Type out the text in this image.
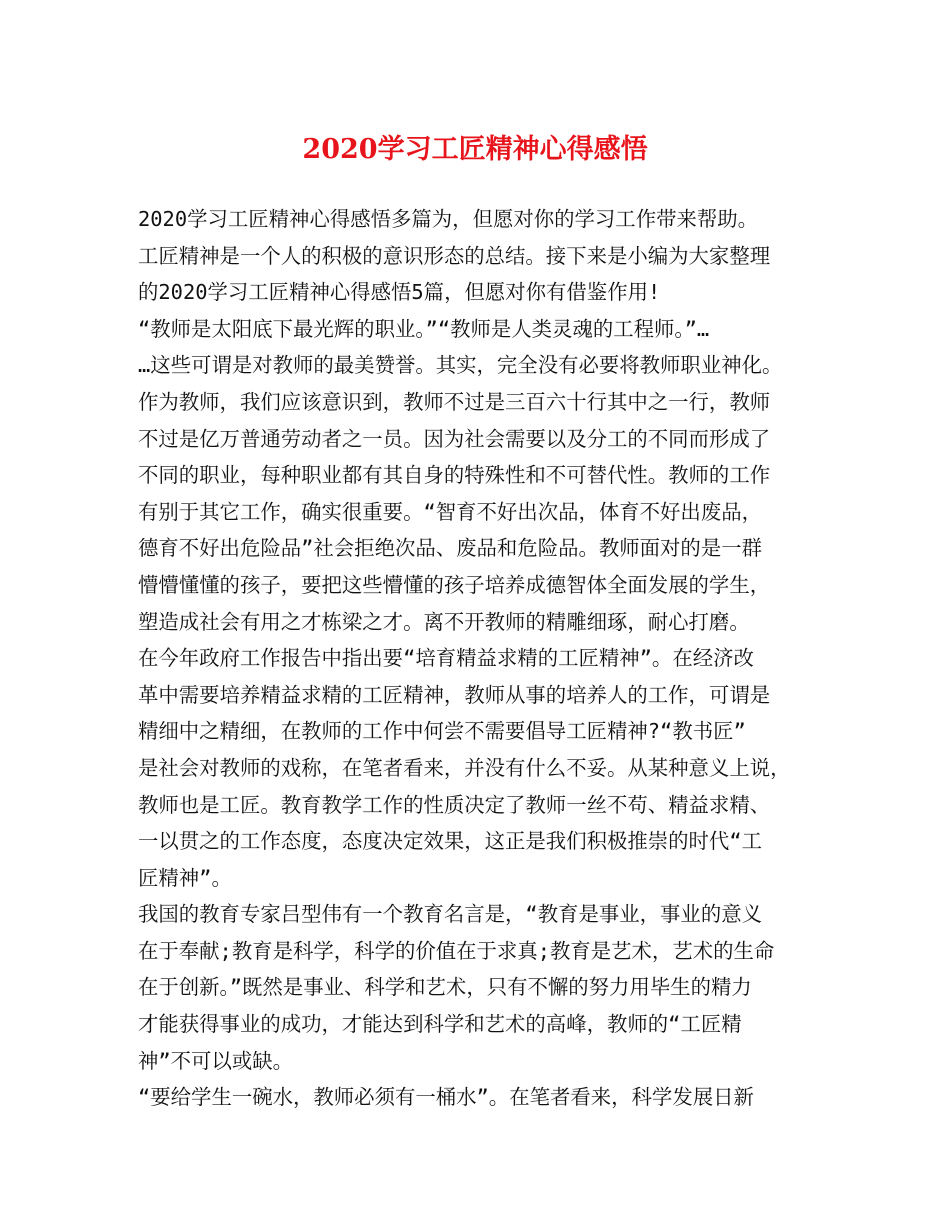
2020学习工匠精神心得感悟

2020学习工匠精神心得感悟多篇为，但愿对你的学习工作带来帮助。

工匠精神是一个人的积极的意识形态的总结。接下来是小编为大家整理

的2020学习工匠精神心得感悟5篇，但愿对你有借鉴作用!

“教师是太阳底下最光辉的职业。”“教师是人类灵魂的工程师。”…

…这些可谓是对教师的最美赞誉。其实，完全没有必要将教师职业神化。

作为教师，我们应该意识到，教师不过是三百六十行其中之一行，教师

不过是亿万普通劳动者之一员。因为社会需要以及分工的不同而形成了

不同的职业，每种职业都有其自身的特殊性和不可替代性。教师的工作

有别于其它工作，确实很重要。“智育不好出次品，体育不好出废品，

德育不好出危险品”社会拒绝次品、废品和危险品。教师面对的是一群

懵懵懂懂的孩子，要把这些懵懂的孩子培养成德智体全面发展的学生，

塑造成社会有用之才栋梁之才。离不开教师的精雕细琢，耐心打磨。

在今年政府工作报告中指出要“培育精益求精的工匠精神”。在经济改

革中需要培养精益求精的工匠精神，教师从事的培养人的工作，可谓是

精细中之精细，在教师的工作中何尝不需要倡导工匠精神?“教书匠”

是社会对教师的戏称，在笔者看来，并没有什么不妥。从某种意义上说，

教师也是工匠。教育教学工作的性质决定了教师一丝不苟、精益求精、

一以贯之的工作态度，态度决定效果，这正是我们积极推崇的时代“工

匠精神”。

我国的教育专家吕型伟有一个教育名言是，“教育是事业，事业的意义

在于奉献;教育是科学，科学的价值在于求真;教育是艺术，艺术的生命

在于创新。”既然是事业、科学和艺术，只有不懈的努力用毕生的精力

才能获得事业的成功，才能达到科学和艺术的高峰，教师的“工匠精

神”不可以或缺。

“要给学生一碗水，教师必须有一桶水”。在笔者看来，科学发展日新
